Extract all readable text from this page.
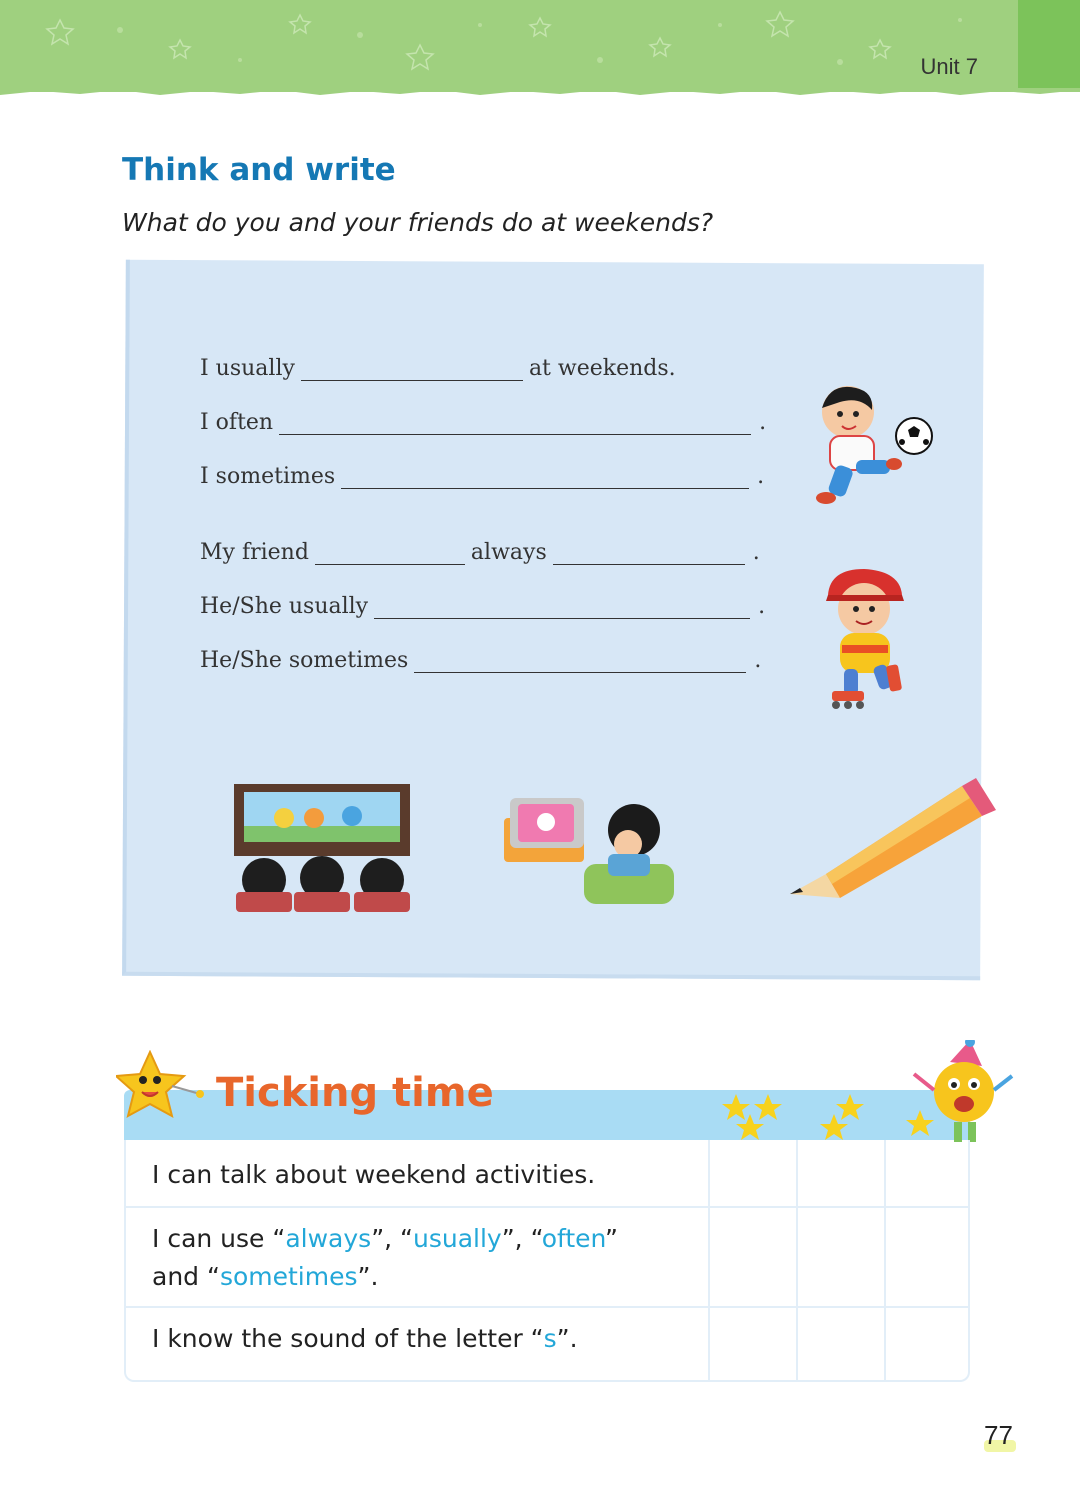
Unit 7
Think and write
What do you and your friends do at weekends?
I usually	at weekends.
I often	.
I sometimes	.
My friend	always	.
He/She usually	.
He/She sometimes	.
Ticking time
I can talk about weekend activities.
I can use “always”, “usually”, “often”
and “sometimes”.
I know the sound of the letter “s”.
77
